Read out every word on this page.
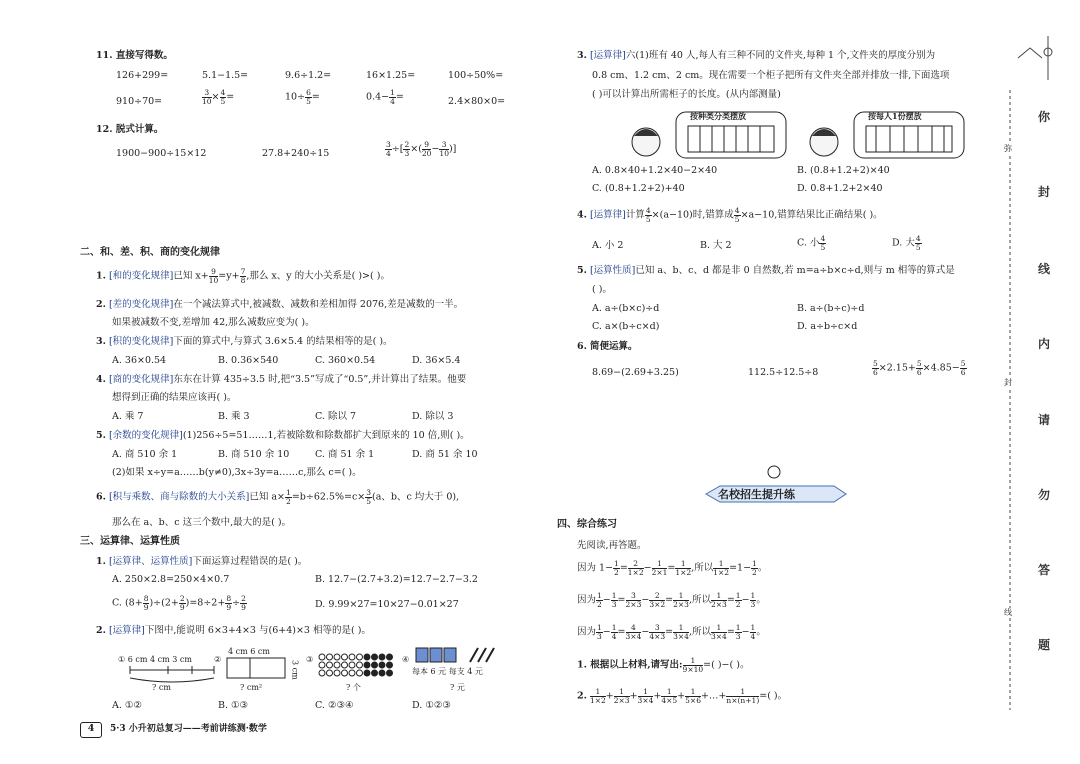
11. 直接写得数。
126+299=	5.1−1.5=	9.6÷1.2=	16×1.25=	100÷50%=
910÷70=	$\frac{3}{10} \times \frac{4}{5}$ =	$10\div \frac{6}{5}$ =	$0.4- \frac{1}{4}$ =	2.4×80×0=
12. 脱式计算。
1900−900÷15×12	27.8+240÷15	$\frac{3}{4}$ ÷[ $\frac{2}{3}$ ×( $\frac{9}{20} - \frac{3}{10}$ )]
二、和、差、积、商的变化规律
1. [和的变化规律]已知 $x+ \frac{9}{10} =y+ \frac{7}{8}$ ,那么 x、y 的大小关系是( )>( )。
2. [差的变化规律]在一个减法算式中,被减数、减数和差相加得 2076,差是减数的一半。
如果被减数不变,差增加 42,那么减数应变为( )。
3. [积的变化规律]下面的算式中,与算式 3.6×5.4 的结果相等的是( )。
A. 36×0.54	B. 0.36×540	C. 360×0.54	D. 36×5.4
4. [商的变化规律]东东在计算 435÷3.5 时,把“3.5”写成了“0.5”,并计算出了结果。他要
想得到正确的结果应该再( )。
A. 乘 7	B. 乘 3	C. 除以 7	D. 除以 3
5. [余数的变化规律](1)256÷5=51……1,若被除数和除数都扩大到原来的 10 倍,则( )。
A. 商 510 余 1	B. 商 510 余 10	C. 商 51 余 1	D. 商 51 余 10
(2)如果 x÷y=a……b(y≠0),3x÷3y=a……c,那么 c=( )。
6. [积与乘数、商与除数的大小关系]已知 $a\times \frac{1}{2} =b\div 62.5\%=c\times \frac{3}{5} (a$、b、c 均大于 0),
那么在 a、b、c 这三个数中,最大的是( )。
三、运算律、运算性质
1. [运算律、运算性质]下面运算过程错误的是( )。
A. 250×2.8=250×4×0.7	B. 12.7−(2.7+3.2)=12.7−2.7−3.2
C. $(8+ \frac{8}{9} )\div(2+ \frac{2}{9} )=8\div 2+ \frac{8}{9} \div \frac{2}{9}$	D. 9.99×27=10×27−0.01×27
2. [运算律]下图中,能说明 6×3+4×3 与(6+4)×3 相等的是( )。
① 6 cm 4 cm 3 cm
? cm
②
4 cm 6 cm
3 cm
? cm²
③
? 个
④
每本 6 元 每支 4 元
? 元
A. ①②	B. ①③	C. ②③④	D. ①②③
4	5·3 小升初总复习——考前讲练测·数学
3. [运算律]六(1)班有 40 人,每人有三种不同的文件夹,每种 1 个,文件夹的厚度分别为
0.8 cm、1.2 cm、2 cm。现在需要一个柜子把所有文件夹全部并排放一排,下面选项
( )可以计算出所需柜子的长度。(从内部测量)
按种类分类摆放	按每人1份摆放
A. 0.8×40+1.2×40−2×40	B. (0.8+1.2+2)×40
C. (0.8+1.2+2)+40	D. 0.8+1.2+2×40
4. [运算律]计算 $\frac{4}{5} \times(a-10)$时,错算成 $\frac{4}{5} \times a-10$,错算结果比正确结果( )。
A. 小 2	B. 大 2	C. 小 $\frac{4}{5}$	D. 大 $\frac{4}{5}$
5. [运算性质]已知 a、b、c、d 都是非 0 自然数,若 m=a÷b×c÷d,则与 m 相等的算式是
( )。
A. a÷(b×c)÷d	B. a÷(b÷c)÷d
C. a×(b÷c×d)	D. a÷b÷c×d
6. 简便运算。
8.69−(2.69+3.25)	112.5÷12.5÷8	$\frac{5}{6} \times 2.15+ \frac{5}{6} \times 4.85- \frac{5}{6}$
名校招生提升练
四、综合练习
先阅读,再答题。
因为 $1- \frac{1}{2} = \frac{2}{1\times 2} - \frac{1}{2\times 1} = \frac{1}{1\times 2}$ ,所以 $\frac{1}{1\times 2} =1- \frac{1}{2}$ 。
因为 $\frac{1}{2} - \frac{1}{3} = \frac{3}{2\times 3} - \frac{2}{3\times 2} = \frac{1}{2\times 3}$ ,所以 $\frac{1}{2\times 3} = \frac{1}{2} - \frac{1}{3}$ 。
因为 $\frac{1}{3} - \frac{1}{4} = \frac{4}{3\times 4} - \frac{3}{4\times 3} = \frac{1}{3\times 4}$ ,所以 $\frac{1}{3\times 4} = \frac{1}{3} - \frac{1}{4}$ 。
1. 根据以上材料,请写出: $\frac{1}{9\times 10}$ =( )−( )。
2. $\frac{1}{1\times 2} + \frac{1}{2\times 3} + \frac{1}{3\times 4} + \frac{1}{4\times 5} + \frac{1}{5\times 6}$ +…+ $\frac{1}{n\times(n+1)}$ =( )。
你
封
线
内
请
勿
答
题
弥
封
线
